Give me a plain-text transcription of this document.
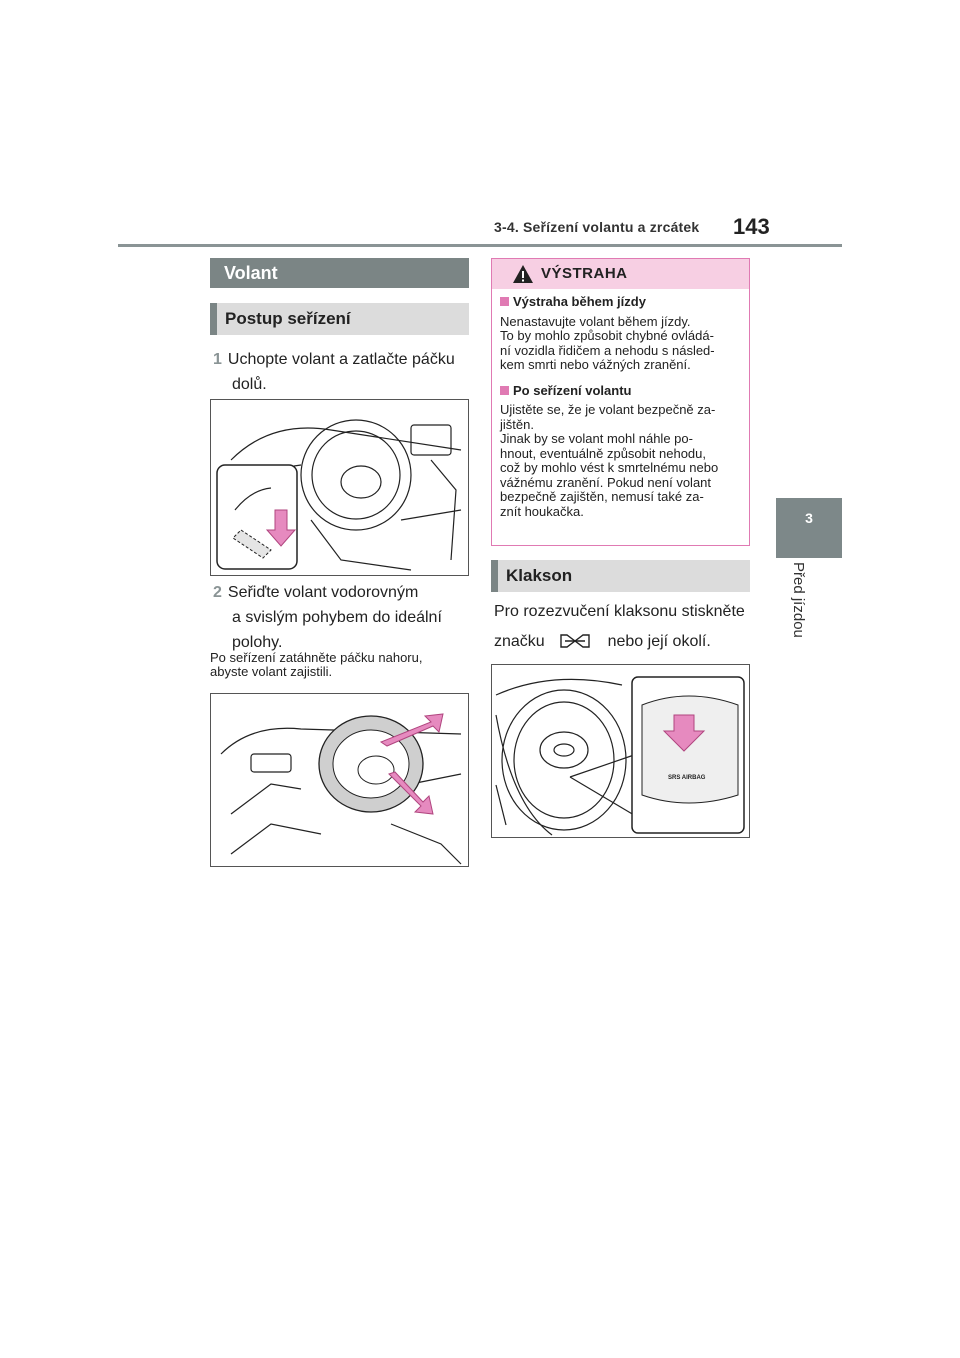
3-4. Seřízení volantu a zrcátek 143
3
Před jízdou
Volant
Postup seřízení
1 Uchopte volant a zatlačte páčku
dolů.
2 Seřiďte volant vodorovným
a svislým pohybem do ideální
polohy.
Po seřízení zatáhněte páčku nahoru,
abyste volant zajistili.
VÝSTRAHA
Výstraha během jízdy
Nenastavujte volant během jízdy.
To by mohlo způsobit chybné ovládá-
ní vozidla řidičem a nehodu s násled-
kem smrti nebo vážných zranění.
Po seřízení volantu
Ujistěte se, že je volant bezpečně za-
jištěn.
Jinak by se volant mohl náhle po-
hnout, eventuálně způsobit nehodu,
což by mohlo vést k smrtelnému nebo
vážnému zranění. Pokud není volant
bezpečně zajištěn, nemusí také za-
znít houkačka.
Klakson
Pro rozezvučení klaksonu stiskněte
značku	nebo její okolí.
SRS AIRBAG
